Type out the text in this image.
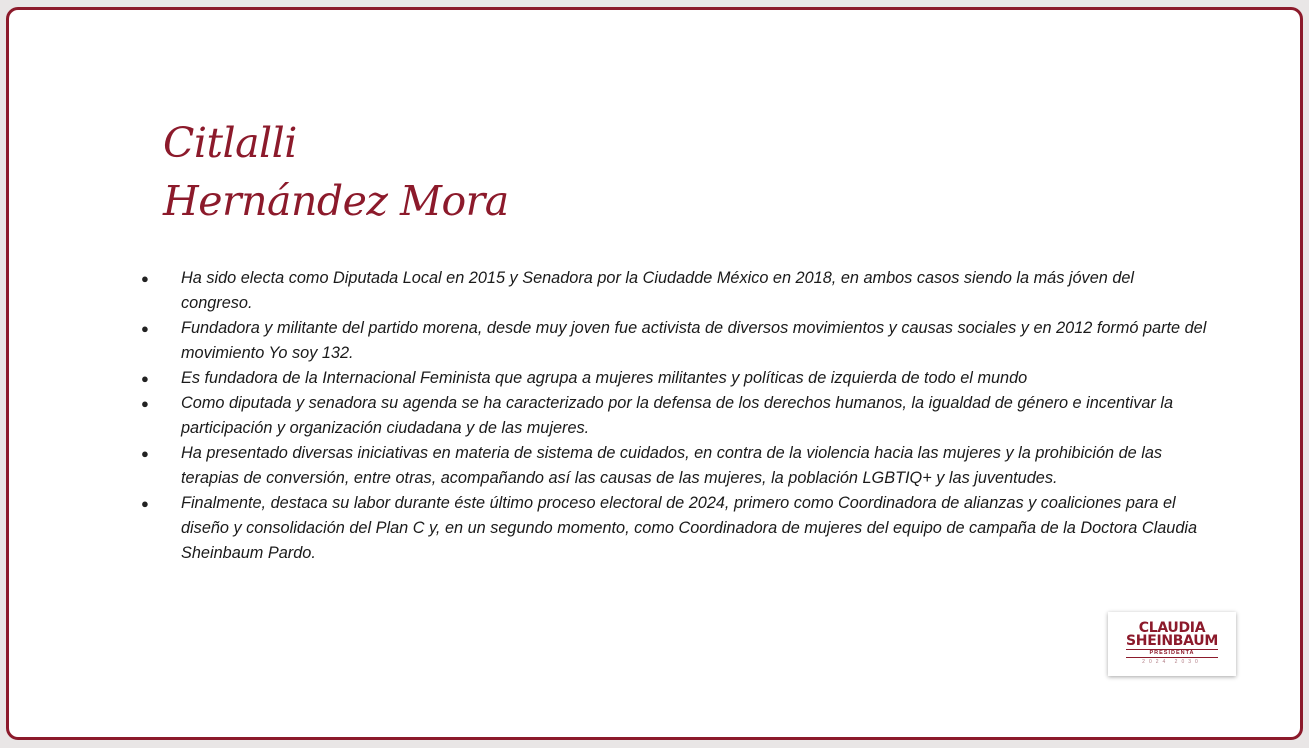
Citlalli
Hernández Mora
● Ha sido electa como Diputada Local en 2015 y Senadora por la Ciudadde México en 2018, en ambos casos siendo la más jóven del congreso.
● Fundadora y militante del partido morena, desde muy joven fue activista de diversos movimientos y causas sociales y en 2012 formó parte del movimiento Yo soy 132.
● Es fundadora de la Internacional Feminista que agrupa a mujeres militantes y políticas de izquierda de todo el mundo
● Como diputada y senadora su agenda se ha caracterizado por la defensa de los derechos humanos, la igualdad de género e incentivar la participación y organización ciudadana y de las mujeres.
● Ha presentado diversas iniciativas en materia de sistema de cuidados, en contra de la violencia hacia las mujeres y la prohibición de las terapias de conversión, entre otras, acompañando así las causas de las mujeres, la población LGBTIQ+ y las juventudes.
● Finalmente, destaca su labor durante éste último proceso electoral de 2024, primero como Coordinadora de alianzas y coaliciones para el diseño y consolidación del Plan C y, en un segundo momento, como Coordinadora de mujeres del equipo de campaña de la Doctora Claudia Sheinbaum Pardo.
CLAUDIA
SHEINBAUM
PRESIDENTA
2024 2030
